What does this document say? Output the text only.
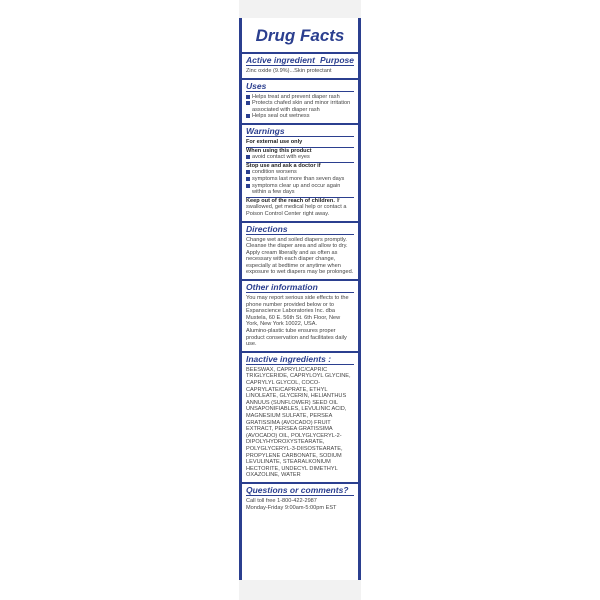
Drug Facts
Active ingredient Purpose
Zinc oxide (9.9%)...Skin protectant
Uses
Helps treat and prevent diaper rash
Protects chafed skin and minor irritation associated with diaper rash
Helps seal out wetness
Warnings
For external use only
When using this product
avoid contact with eyes
Stop use and ask a doctor if
condition worsens
symptoms last more than seven days
symptoms clear up and occur again within a few days
Keep out of the reach of children. If swallowed, get medical help or contact a Poison Control Center right away.
Directions
Change wet and soiled diapers promptly. Cleanse the diaper area and allow to dry. Apply cream liberally and as often as necessary with each diaper change, especially at bedtime or anytime when exposure to wet diapers may be prolonged.
Other information
You may report serious side effects to the phone number provided below or to Expanscience Laboratories Inc. dba Mustela, 60 E. 56th St. 6th Floor, New York, New York 10022, USA.
Alumino-plastic tube ensures proper product conservation and facilitates daily use.
Inactive ingredients :
BEESWAX, CAPRYLIC/CAPRIC TRIGLYCERIDE, CAPRYLOYL GLYCINE, CAPRYLYL GLYCOL, COCO-CAPRYLATE/CAPRATE, ETHYL LINOLEATE, GLYCERIN, HELIANTHUS ANNUUS (SUNFLOWER) SEED OIL UNSAPONIFIABLES, LEVULINIC ACID, MAGNESIUM SULFATE, PERSEA GRATISSIMA (AVOCADO) FRUIT EXTRACT, PERSEA GRATISSIMA (AVOCADO) OIL, POLYGLYCERYL-2-DIPOLYHYDROXYSTEARATE, POLYGLYCERYL-3-DIISOSTEARATE, PROPYLENE CARBONATE, SODIUM LEVULINATE, STEARALKONIUM HECTORITE, UNDECYL DIMETHYL OXAZOLINE, WATER
Questions or comments?
Call toll free 1-800-422-2987
Monday-Friday 9:00am-5:00pm EST
